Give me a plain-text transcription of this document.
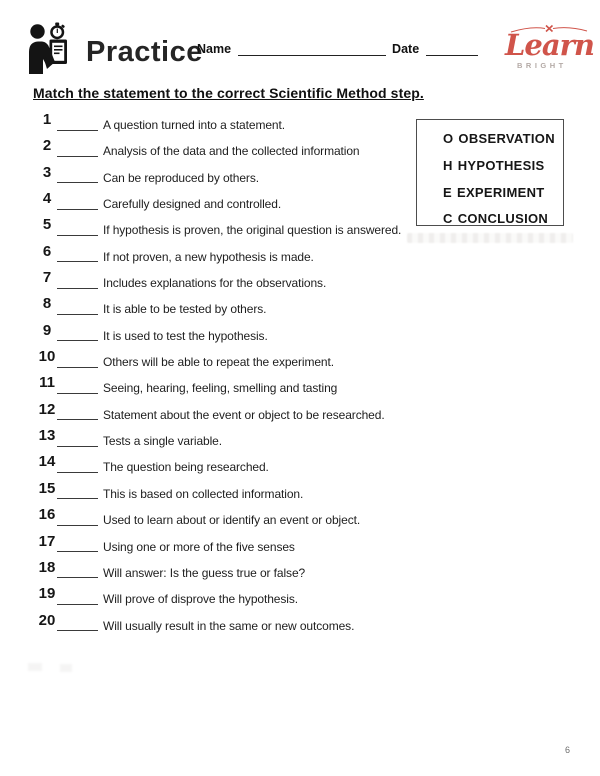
Practice
Name	Date	Learn
BRIGHT
Match the statement to the correct Scientific Method step.
1	A question turned into a statement.
2	Analysis of the data and the collected information
3	Can be reproduced by others.
4	Carefully designed and controlled.
5	If hypothesis is proven, the original question is answered.
6	If not proven, a new hypothesis is made.
7	Includes explanations for the observations.
8	It is able to be tested by others.
9	It is used to test the hypothesis.
10	Others will be able to repeat the experiment.
11	Seeing, hearing, feeling, smelling and tasting
12	Statement about the event or object to be researched.
13	Tests a single variable.
14	The question being researched.
15	This is based on collected information.
16	Used to learn about or identify an event or object.
17	Using one or more of the five senses
18	Will answer: Is the guess true or false?
19	Will prove of disprove the hypothesis.
20	Will usually result in the same or new outcomes.
O OBSERVATION
H HYPOTHESIS
E EXPERIMENT
C CONCLUSION
6
